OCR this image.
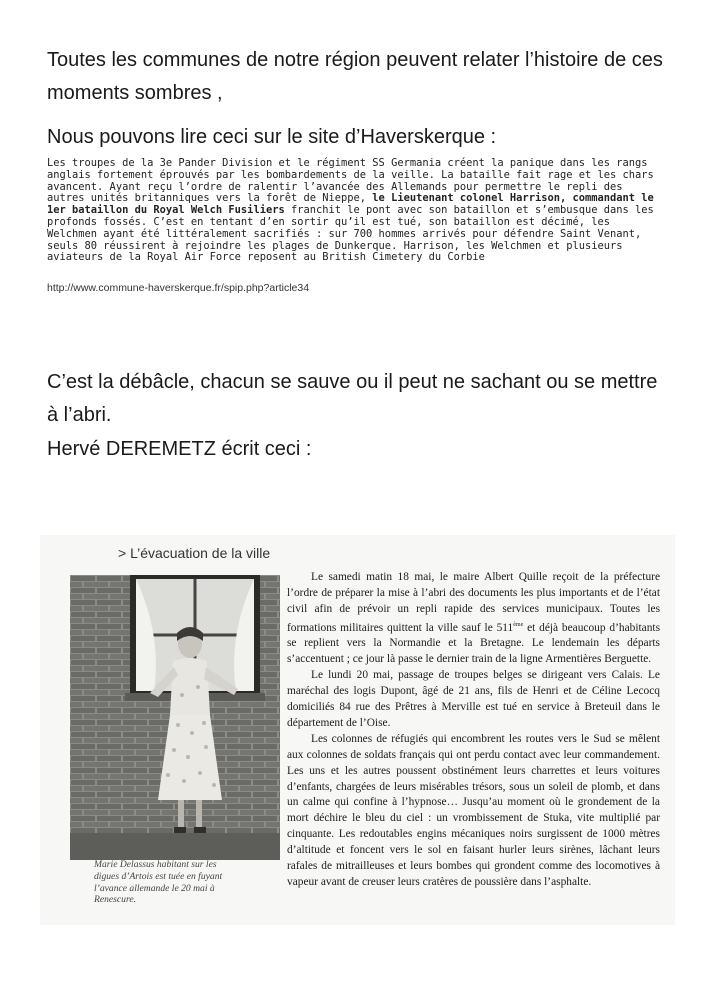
Toutes les communes de notre région peuvent relater l’histoire de ces moments sombres ,
Nous pouvons lire ceci sur le site d’Haverskerque :
Les troupes de la 3e Pander Division et le régiment SS Germania créent la panique dans les rangs anglais fortement éprouvés par les bombardements de la veille. La bataille fait rage et les chars avancent. Ayant reçu l’ordre de ralentir l’avancée des Allemands pour permettre le repli des autres unités britanniques vers la forêt de Nieppe, le Lieutenant colonel Harrison, commandant le 1er bataillon du Royal Welch Fusiliers franchit le pont avec son bataillon et s’embusque dans les profonds fossés. C’est en tentant d’en sortir qu’il est tué, son bataillon est décimé, les Welchmen ayant été littéralement sacrifiés : sur 700 hommes arrivés pour défendre Saint Venant, seuls 80 réussirent à rejoindre les plages de Dunkerque. Harrison, les Welchmen et plusieurs aviateurs de la Royal Air Force reposent au British Cimetery du Corbie
http://www.commune-haverskerque.fr/spip.php?article34
C’est la débâcle, chacun se sauve ou il peut ne sachant ou se mettre à l’abri.
Hervé DEREMETZ écrit ceci :
> L’évacuation de la ville
Marie Delassus habitant sur les digues d’Artois est tuée en fuyant l’avance allemande le 20 mai à Renescure.

Le samedi matin 18 mai, le maire Albert Quille reçoit de la préfecture l’ordre de préparer la mise à l’abri des documents les plus importants et de l’état civil afin de prévoir un repli rapide des services municipaux. Toutes les formations militaires quittent la ville sauf le 511ème et déjà beaucoup d’habitants se replient vers la Normandie et la Bretagne. Le lendemain les départs s’accentuent ; ce jour là passe le dernier train de la ligne Armentières Berguette.

Le lundi 20 mai, passage de troupes belges se dirigeant vers Calais. Le maréchal des logis Dupont, âgé de 21 ans, fils de Henri et de Céline Lecocq domiciliés 84 rue des Prêtres à Merville est tué en service à Breteuil dans le département de l’Oise.

Les colonnes de réfugiés qui encombrent les routes vers le Sud se mêlent aux colonnes de soldats français qui ont perdu contact avec leur commandement. Les uns et les autres poussent obstinément leurs charrettes et leurs voitures d’enfants, chargées de leurs misérables trésors, sous un soleil de plomb, et dans un calme qui confine à l’hypnose… Jusqu’au moment où le grondement de la mort déchire le bleu du ciel : un vrombissement de Stuka, vite multiplié par cinquante. Les redoutables engins mécaniques noirs surgissent de 1000 mètres d’altitude et foncent vers le sol en faisant hurler leurs sirènes, lâchant leurs rafales de mitrailleuses et leurs bombes qui grondent comme des locomotives à vapeur avant de creuser leurs cratères de poussière dans l’asphalte.
